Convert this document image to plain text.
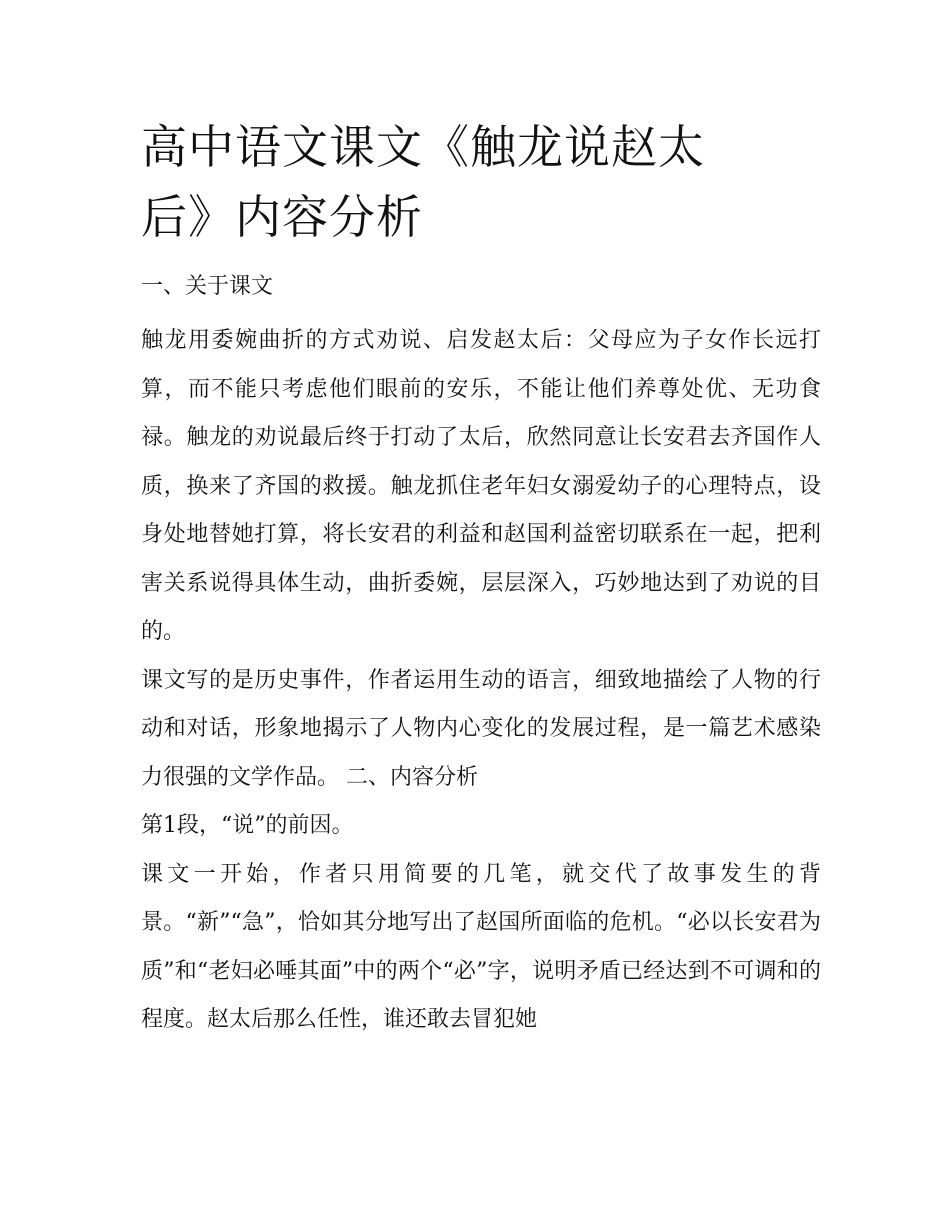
高中语文课文《触龙说赵太后》内容分析

一、关于课文

触龙用委婉曲折的方式劝说、启发赵太后：父母应为子女作长远打算，而不能只考虑他们眼前的安乐，不能让他们养尊处优、无功食禄。触龙的劝说最后终于打动了太后，欣然同意让长安君去齐国作人质，换来了齐国的救援。触龙抓住老年妇女溺爱幼子的心理特点，设身处地替她打算，将长安君的利益和赵国利益密切联系在一起，把利害关系说得具体生动，曲折委婉，层层深入，巧妙地达到了劝说的目的。

课文写的是历史事件，作者运用生动的语言，细致地描绘了人物的行动和对话，形象地揭示了人物内心变化的发展过程，是一篇艺术感染力很强的文学作品。 二、内容分析

第1段，“说”的前因。

课文一开始，作者只用简要的几笔，就交代了故事发生的背景。“新”“急”，恰如其分地写出了赵国所面临的危机。“必以长安君为质”和“老妇必唾其面”中的两个“必”字，说明矛盾已经达到不可调和的程度。赵太后那么任性，谁还敢去冒犯她
